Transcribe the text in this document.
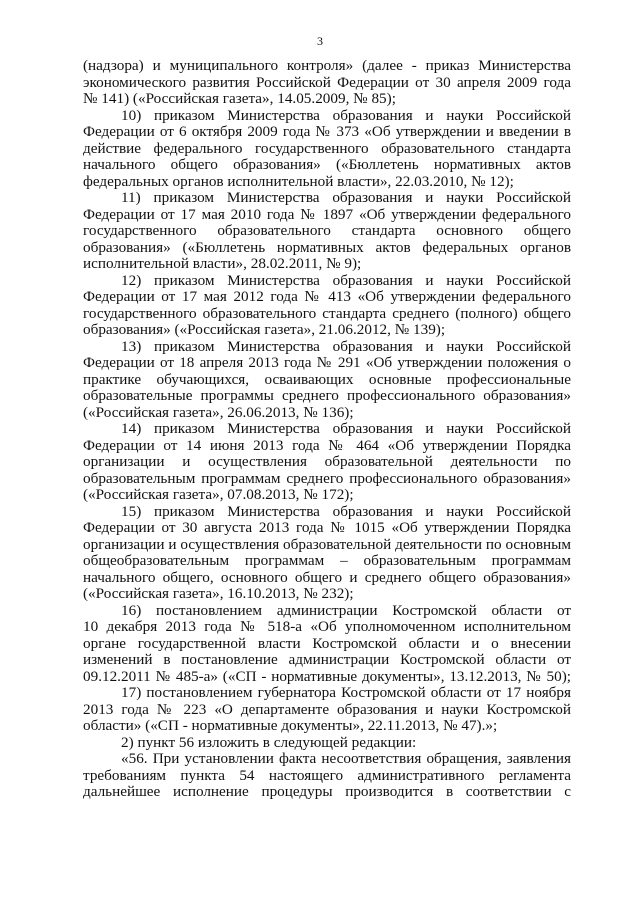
3
(надзора) и муниципального контроля» (далее - приказ Министерства
экономического развития Российской Федерации от 30 апреля 2009 года
№ 141) («Российская газета», 14.05.2009, № 85);
10) приказом Министерства образования и науки Российской
Федерации от 6 октября 2009 года № 373 «Об утверждении и введении в
действие федерального государственного образовательного стандарта
начального общего образования» («Бюллетень нормативных актов
федеральных органов исполнительной власти», 22.03.2010, № 12);
11) приказом Министерства образования и науки Российской
Федерации от 17 мая 2010 года № 1897 «Об утверждении федерального
государственного образовательного стандарта основного общего
образования» («Бюллетень нормативных актов федеральных органов
исполнительной власти», 28.02.2011, № 9);
12) приказом Министерства образования и науки Российской
Федерации от 17 мая 2012 года № 413 «Об утверждении федерального
государственного образовательного стандарта среднего (полного) общего
образования» («Российская газета», 21.06.2012, № 139);
13) приказом Министерства образования и науки Российской
Федерации от 18 апреля 2013 года № 291 «Об утверждении положения о
практике обучающихся, осваивающих основные профессиональные
образовательные программы среднего профессионального образования»
(«Российская газета», 26.06.2013, № 136);
14) приказом Министерства образования и науки Российской
Федерации от 14 июня 2013 года № 464 «Об утверждении Порядка
организации и осуществления образовательной деятельности по
образовательным программам среднего профессионального образования»
(«Российская газета», 07.08.2013, № 172);
15) приказом Министерства образования и науки Российской
Федерации от 30 августа 2013 года № 1015 «Об утверждении Порядка
организации и осуществления образовательной деятельности по основным
общеобразовательным программам – образовательным программам
начального общего, основного общего и среднего общего образования»
(«Российская газета», 16.10.2013, № 232);
16) постановлением администрации Костромской области от
10 декабря 2013 года № 518-а «Об уполномоченном исполнительном
органе государственной власти Костромской области и о внесении
изменений в постановление администрации Костромской области от
09.12.2011 № 485-а» («СП - нормативные документы», 13.12.2013, № 50);
17) постановлением губернатора Костромской области от 17 ноября
2013 года № 223 «О департаменте образования и науки Костромской
области» («СП - нормативные документы», 22.11.2013, № 47).»;
2) пункт 56 изложить в следующей редакции:
«56. При установлении факта несоответствия обращения, заявления
требованиям пункта 54 настоящего административного регламента
дальнейшее исполнение процедуры производится в соответствии с
